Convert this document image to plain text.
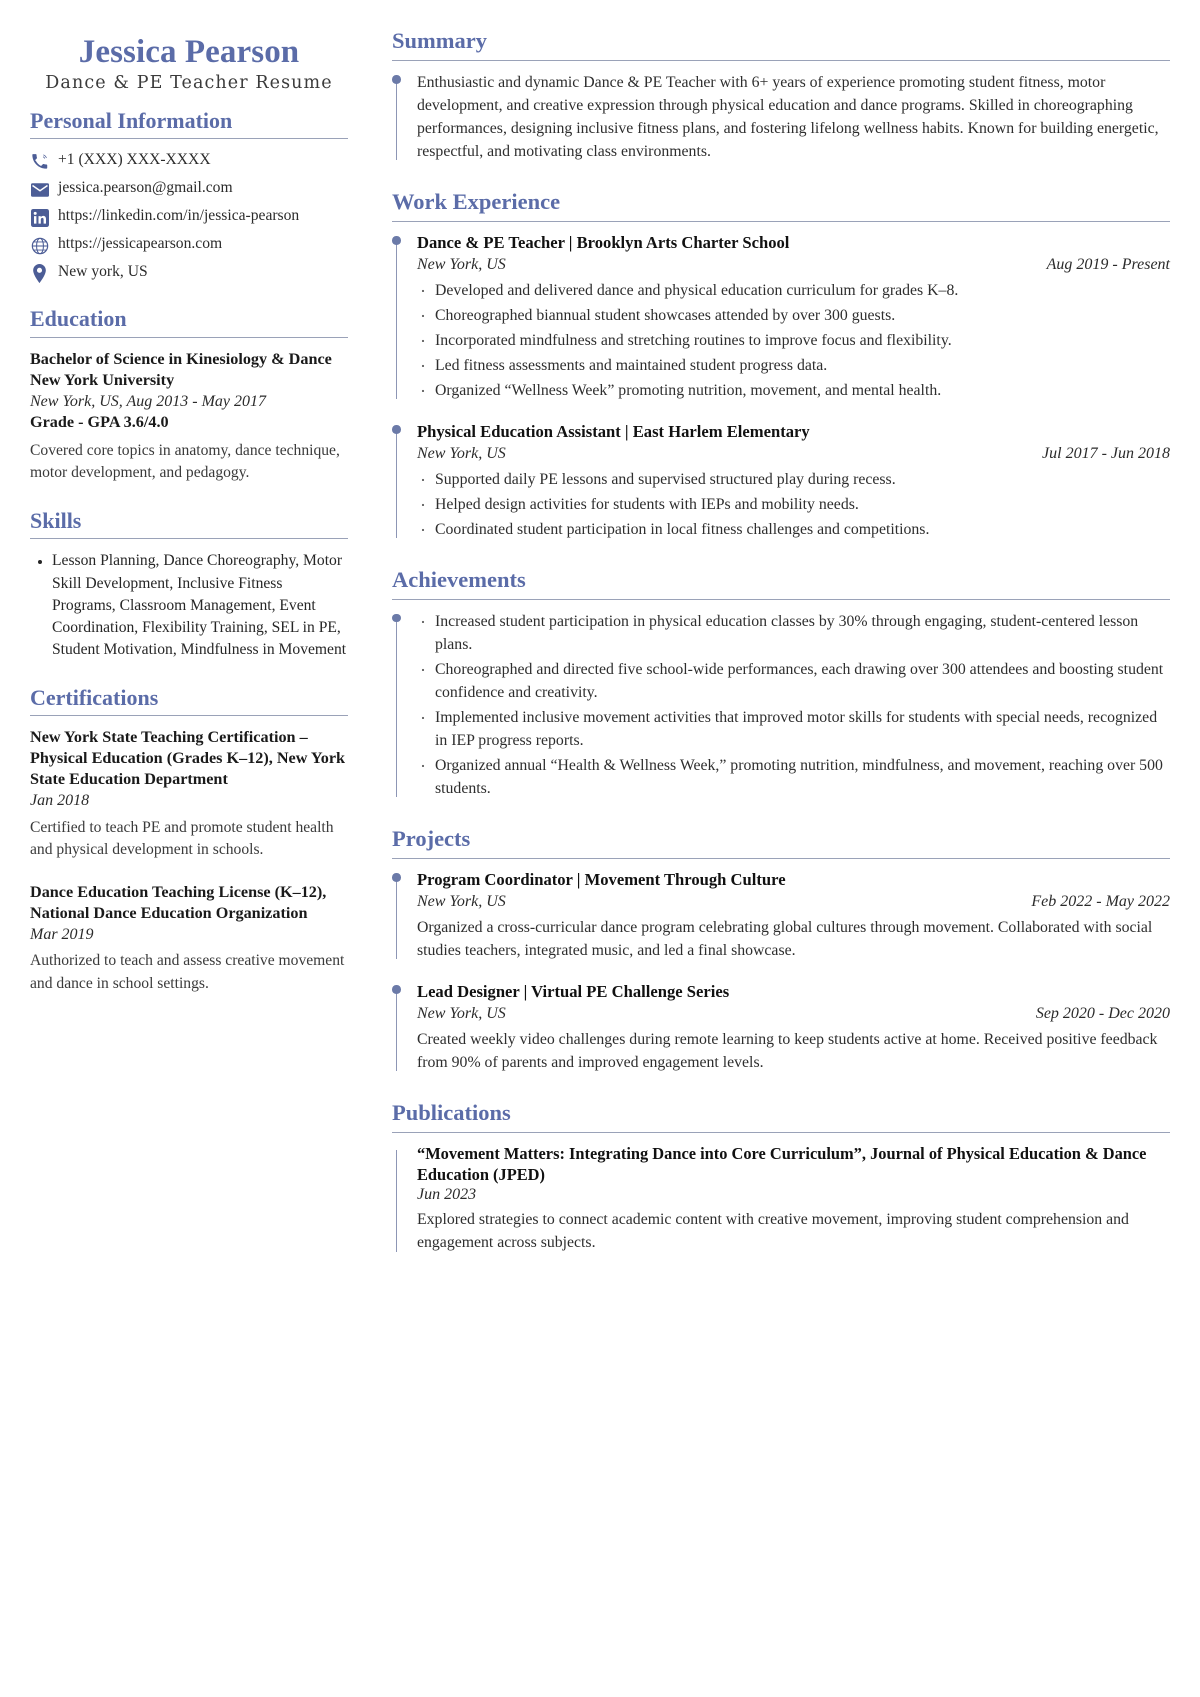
Jessica Pearson
Dance & PE Teacher Resume
Personal Information
+1 (XXX) XXX-XXXX
jessica.pearson@gmail.com
https://linkedin.com/in/jessica-pearson
https://jessicapearson.com
New york, US
Education
Bachelor of Science in Kinesiology & Dance
New York University
New York, US, Aug 2013 - May 2017
Grade - GPA 3.6/4.0
Covered core topics in anatomy, dance technique, motor development, and pedagogy.
Skills
• Lesson Planning, Dance Choreography, Motor Skill Development, Inclusive Fitness Programs, Classroom Management, Event Coordination, Flexibility Training, SEL in PE, Student Motivation, Mindfulness in Movement
Certifications
New York State Teaching Certification – Physical Education (Grades K–12), New York State Education Department
Jan 2018
Certified to teach PE and promote student health and physical development in schools.
Dance Education Teaching License (K–12), National Dance Education Organization
Mar 2019
Authorized to teach and assess creative movement and dance in school settings.
Summary
Enthusiastic and dynamic Dance & PE Teacher with 6+ years of experience promoting student fitness, motor development, and creative expression through physical education and dance programs. Skilled in choreographing performances, designing inclusive fitness plans, and fostering lifelong wellness habits. Known for building energetic, respectful, and motivating class environments.
Work Experience
Dance & PE Teacher | Brooklyn Arts Charter School
New York, US	Aug 2019 - Present
· Developed and delivered dance and physical education curriculum for grades K–8.
· Choreographed biannual student showcases attended by over 300 guests.
· Incorporated mindfulness and stretching routines to improve focus and flexibility.
· Led fitness assessments and maintained student progress data.
· Organized “Wellness Week” promoting nutrition, movement, and mental health.
Physical Education Assistant | East Harlem Elementary
New York, US	Jul 2017 - Jun 2018
· Supported daily PE lessons and supervised structured play during recess.
· Helped design activities for students with IEPs and mobility needs.
· Coordinated student participation in local fitness challenges and competitions.
Achievements
· Increased student participation in physical education classes by 30% through engaging, student-centered lesson plans.
· Choreographed and directed five school-wide performances, each drawing over 300 attendees and boosting student confidence and creativity.
· Implemented inclusive movement activities that improved motor skills for students with special needs, recognized in IEP progress reports.
· Organized annual “Health & Wellness Week,” promoting nutrition, mindfulness, and movement, reaching over 500 students.
Projects
Program Coordinator | Movement Through Culture
New York, US	Feb 2022 - May 2022
Organized a cross-curricular dance program celebrating global cultures through movement. Collaborated with social studies teachers, integrated music, and led a final showcase.
Lead Designer | Virtual PE Challenge Series
New York, US	Sep 2020 - Dec 2020
Created weekly video challenges during remote learning to keep students active at home. Received positive feedback from 90% of parents and improved engagement levels.
Publications
“Movement Matters: Integrating Dance into Core Curriculum”, Journal of Physical Education & Dance Education (JPED)
Jun 2023
Explored strategies to connect academic content with creative movement, improving student comprehension and engagement across subjects.
